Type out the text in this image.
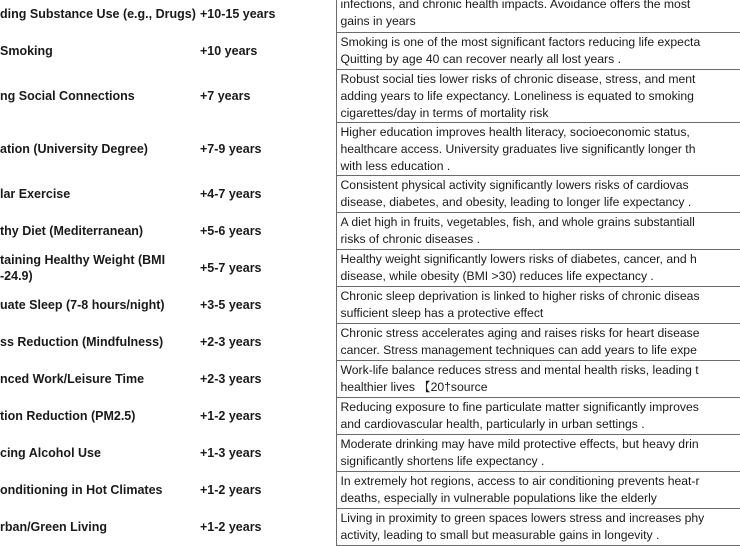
ding Substance Use (e.g., Drugs)	+10-15 years	infections, and chronic health impacts. Avoidance offers the most
gains in years

Smoking	+10 years	Smoking is one of the most significant factors reducing life expecta
Quitting by age 40 can recover nearly all lost years .

ng Social Connections	+7 years	Robust social ties lower risks of chronic disease, stress, and ment
adding years to life expectancy. Loneliness is equated to smoking
cigarettes/day in terms of mortality risk

ation (University Degree)	+7-9 years	Higher education improves health literacy, socioeconomic status,
healthcare access. University graduates live significantly longer th
with less education .

lar Exercise	+4-7 years	Consistent physical activity significantly lowers risks of cardiovas
disease, diabetes, and obesity, leading to longer life expectancy .

thy Diet (Mediterranean)	+5-6 years	A diet high in fruits, vegetables, fish, and whole grains substantiall
risks of chronic diseases .

taining Healthy Weight (BMI
-24.9)	+5-7 years	Healthy weight significantly lowers risks of diabetes, cancer, and h
disease, while obesity (BMI >30) reduces life expectancy .

uate Sleep (7-8 hours/night)	+3-5 years	Chronic sleep deprivation is linked to higher risks of chronic diseas
sufficient sleep has a protective effect

ss Reduction (Mindfulness)	+2-3 years	Chronic stress accelerates aging and raises risks for heart disease
cancer. Stress management techniques can add years to life expe

nced Work/Leisure Time	+2-3 years	Work-life balance reduces stress and mental health risks, leading t
healthier lives 【20†source

tion Reduction (PM2.5)	+1-2 years	Reducing exposure to fine particulate matter significantly improves
and cardiovascular health, particularly in urban settings .

cing Alcohol Use	+1-3 years	Moderate drinking may have mild protective effects, but heavy drin
significantly shortens life expectancy .

onditioning in Hot Climates	+1-2 years	In extremely hot regions, access to air conditioning prevents heat-r
deaths, especially in vulnerable populations like the elderly

rban/Green Living	+1-2 years	Living in proximity to green spaces lowers stress and increases phy
activity, leading to small but measurable gains in longevity .
